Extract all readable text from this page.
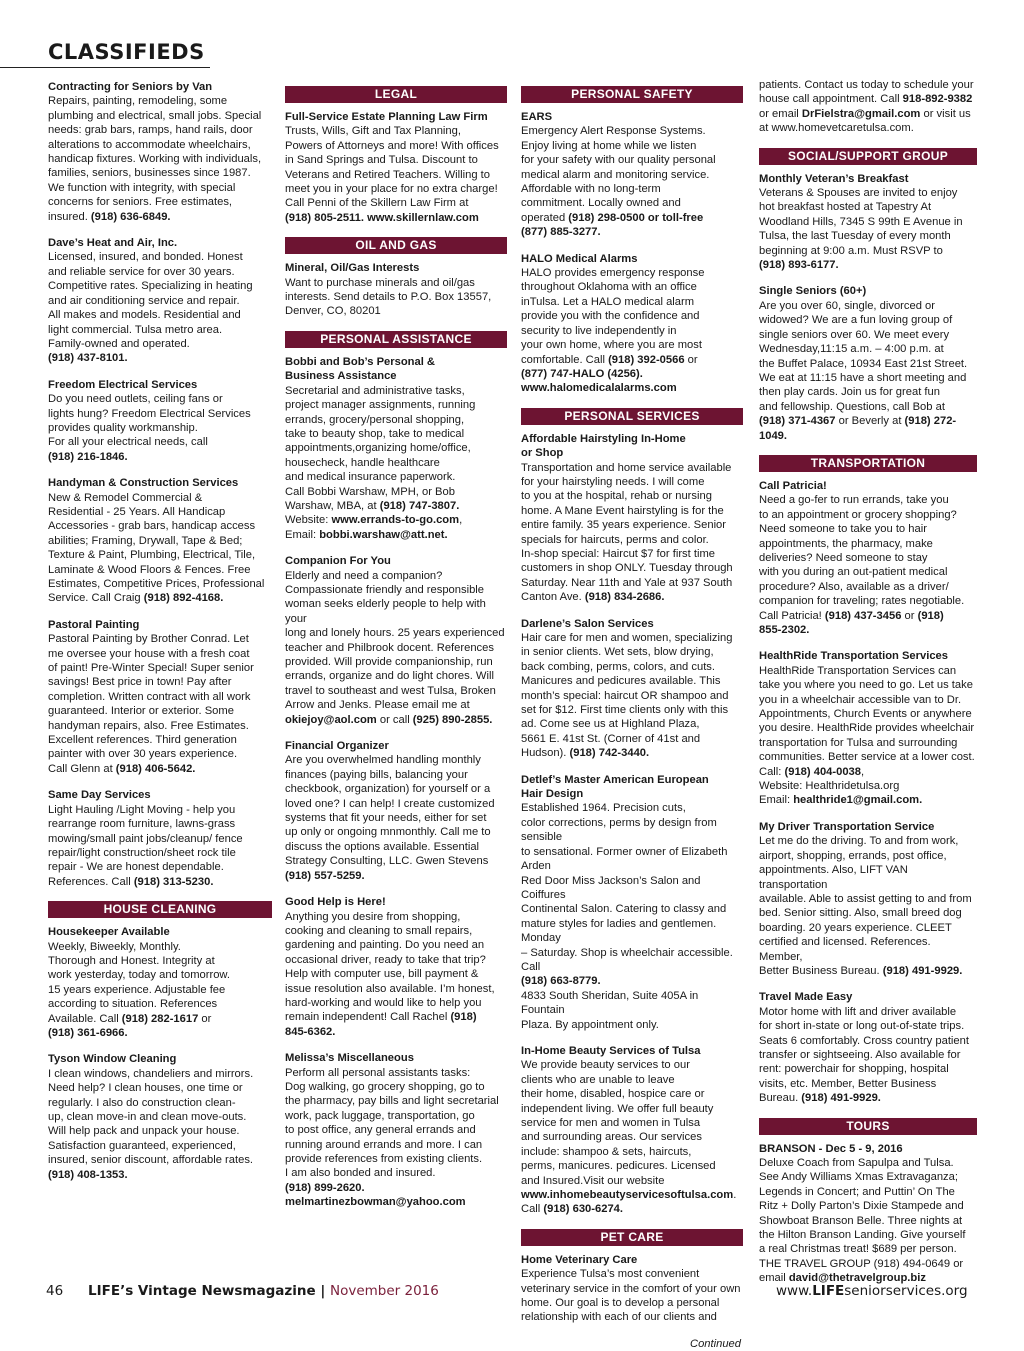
CLASSIFIEDS
Contracting for Seniors by Van
Repairs, painting, remodeling, some
plumbing and electrical, small jobs. Special
needs: grab bars, ramps, hand rails, door
alterations to accommodate wheelchairs,
handicap fixtures. Working with individuals,
families, seniors, businesses since 1987.
We function with integrity, with special
concerns for seniors. Free estimates,
insured. (918) 636-6849.
Dave’s Heat and Air, Inc.
Licensed, insured, and bonded. Honest
and reliable service for over 30 years.
Competitive rates. Specializing in heating
and air conditioning service and repair.
All makes and models. Residential and
light commercial. Tulsa metro area.
Family-owned and operated.
(918) 437-8101.
Freedom Electrical Services
Do you need outlets, ceiling fans or
lights hung? Freedom Electrical Services
provides quality workmanship.
For all your electrical needs, call
(918) 216-1846.
Handyman & Construction Services
New & Remodel Commercial &
Residential - 25 Years. All Handicap
Accessories - grab bars, handicap access
abilities; Framing, Drywall, Tape & Bed;
Texture & Paint, Plumbing, Electrical, Tile,
Laminate & Wood Floors & Fences. Free
Estimates, Competitive Prices, Professional
Service. Call Craig (918) 892-4168.
Pastoral Painting
Pastoral Painting by Brother Conrad. Let
me oversee your house with a fresh coat
of paint! Pre-Winter Special! Super senior
savings! Best price in town! Pay after
completion. Written contract with all work
guaranteed. Interior or exterior. Some
handyman repairs, also. Free Estimates.
Excellent references. Third generation
painter with over 30 years experience.
Call Glenn at (918) 406-5642.
Same Day Services
Light Hauling /Light Moving - help you
rearrange room furniture, lawns-grass
mowing/small paint jobs/cleanup/ fence
repair/light construction/sheet rock tile
repair - We are honest dependable.
References. Call (918) 313-5230.
HOUSE CLEANING
Housekeeper Available
Weekly, Biweekly, Monthly.
Thorough and Honest. Integrity at
work yesterday, today and tomorrow.
15 years experience. Adjustable fee
according to situation. References
Available. Call (918) 282-1617 or
(918) 361-6966.
Tyson Window Cleaning
I clean windows, chandeliers and mirrors.
Need help? I clean houses, one time or
regularly. I also do construction clean-
up, clean move-in and clean move-outs.
Will help pack and unpack your house.
Satisfaction guaranteed, experienced,
insured, senior discount, affordable rates.
(918) 408-1353.
LEGAL
Full-Service Estate Planning Law Firm
Trusts, Wills, Gift and Tax Planning,
Powers of Attorneys and more! With offices
in Sand Springs and Tulsa. Discount to
Veterans and Retired Teachers. Willing to
meet you in your place for no extra charge!
Call Penni of the Skillern Law Firm at
(918) 805-2511. www.skillernlaw.com
OIL AND GAS
Mineral, Oil/Gas Interests
Want to purchase minerals and oil/gas
interests. Send details to P.O. Box 13557,
Denver, CO, 80201
PERSONAL ASSISTANCE
Bobbi and Bob’s Personal &
Business Assistance
Secretarial and administrative tasks,
project manager assignments, running
errands, grocery/personal shopping,
take to beauty shop, take to medical
appointments,organizing home/office,
housecheck, handle healthcare
and medical insurance paperwork.
Call Bobbi Warshaw, MPH, or Bob
Warshaw, MBA, at (918) 747-3807.
Website: www.errands-to-go.com,
Email: bobbi.warshaw@att.net.
Companion For You
Elderly and need a companion?
Compassionate friendly and responsible
woman seeks elderly people to help with your
long and lonely hours. 25 years experienced
teacher and Philbrook docent. References
provided. Will provide companionship, run
errands, organize and do light chores. Will
travel to southeast and west Tulsa, Broken
Arrow and Jenks. Please email me at
okiejoy@aol.com or call (925) 890-2855.
Financial Organizer
Are you overwhelmed handling monthly
finances (paying bills, balancing your
checkbook, organization) for yourself or a
loved one? I can help! I create customized
systems that fit your needs, either for set
up only or ongoing mnmonthly. Call me to
discuss the options available. Essential
Strategy Consulting, LLC. Gwen Stevens
(918) 557-5259.
Good Help is Here!
Anything you desire from shopping,
cooking and cleaning to small repairs,
gardening and painting. Do you need an
occasional driver, ready to take that trip?
Help with computer use, bill payment &
issue resolution also available. I’m honest,
hard-working and would like to help you
remain independent! Call Rachel (918)
845-6362.
Melissa’s Miscellaneous
Perform all personal assistants tasks:
Dog walking, go grocery shopping, go to
the pharmacy, pay bills and light secretarial
work, pack luggage, transportation, go
to post office, any general errands and
running around errands and more. I can
provide references from existing clients.
I am also bonded and insured.
(918) 899-2620.
melmartinezbowman@yahoo.com
PERSONAL SAFETY
EARS
Emergency Alert Response Systems.
Enjoy living at home while we listen
for your safety with our quality personal
medical alarm and monitoring service.
Affordable with no long-term
commitment. Locally owned and
operated (918) 298-0500 or toll-free
(877) 885-3277.
HALO Medical Alarms
HALO provides emergency response
throughout Oklahoma with an office
inTulsa. Let a HALO medical alarm
provide you with the confidence and
security to live independently in
your own home, where you are most
comfortable. Call (918) 392-0566 or
(877) 747-HALO (4256).
www.halomedicalalarms.com
PERSONAL SERVICES
Affordable Hairstyling In-Home
or Shop
Transportation and home service available
for your hairstyling needs. I will come
to you at the hospital, rehab or nursing
home. A Mane Event hairstyling is for the
entire family. 35 years experience. Senior
specials for haircuts, perms and color.
In-shop special: Haircut $7 for first time
customers in shop ONLY. Tuesday through
Saturday. Near 11th and Yale at 937 South
Canton Ave. (918) 834-2686.
Darlene’s Salon Services
Hair care for men and women, specializing
in senior clients. Wet sets, blow drying,
back combing, perms, colors, and cuts.
Manicures and pedicures available. This
month’s special: haircut OR shampoo and
set for $12. First time clients only with this
ad. Come see us at Highland Plaza,
5661 E. 41st St. (Corner of 41st and
Hudson). (918) 742-3440.
Detlef’s Master American European
Hair Design
Established 1964. Precision cuts,
color corrections, perms by design from sensible
to sensational. Former owner of Elizabeth Arden
Red Door Miss Jackson’s Salon and Coiffures
Continental Salon. Catering to classy and
mature styles for ladies and gentlemen. Monday
– Saturday. Shop is wheelchair accessible. Call
(918) 663-8779.
4833 South Sheridan, Suite 405A in Fountain
Plaza. By appointment only.
In-Home Beauty Services of Tulsa
We provide beauty services to our
clients who are unable to leave
their home, disabled, hospice care or
independent living. We offer full beauty
service for men and women in Tulsa
and surrounding areas. Our services
include: shampoo & sets, haircuts,
perms, manicures. pedicures. Licensed
and Insured.Visit our website
www.inhomebeautyservicesoftulsa.com.
Call (918) 630-6274.
PET CARE
Home Veterinary Care
Experience Tulsa’s most convenient
veterinary service in the comfort of your own
home. Our goal is to develop a personal
relationship with each of our clients and
Continued
patients. Contact us today to schedule your
house call appointment. Call 918-892-9382
or email DrFielstra@gmail.com or visit us
at www.homevetcaretulsa.com.
SOCIAL/SUPPORT GROUP
Monthly Veteran’s Breakfast
Veterans & Spouses are invited to enjoy
hot breakfast hosted at Tapestry At
Woodland Hills, 7345 S 99th E Avenue in
Tulsa, the last Tuesday of every month
beginning at 9:00 a.m. Must RSVP to
(918) 893-6177.
Single Seniors (60+)
Are you over 60, single, divorced or
widowed? We are a fun loving group of
single seniors over 60. We meet every
Wednesday,11:15 a.m. – 4:00 p.m. at
the Buffet Palace, 10934 East 21st Street.
We eat at 11:15 have a short meeting and
then play cards. Join us for great fun
and fellowship. Questions, call Bob at
(918) 371-4367 or Beverly at (918) 272-1049.
TRANSPORTATION
Call Patricia!
Need a go-fer to run errands, take you
to an appointment or grocery shopping?
Need someone to take you to hair
appointments, the pharmacy, make
deliveries? Need someone to stay
with you during an out-patient medical
procedure? Also, available as a driver/
companion for traveling; rates negotiable.
Call Patricia! (918) 437-3456 or (918)
855-2302.
HealthRide Transportation Services
HealthRide Transportation Services can
take you where you need to go. Let us take
you in a wheelchair accessible van to Dr.
Appointments, Church Events or anywhere
you desire. HealthRide provides wheelchair
transportation for Tulsa and surrounding
communities. Better service at a lower cost.
Call: (918) 404-0038,
Website: Healthridetulsa.org
Email: healthride1@gmail.com.
My Driver Transportation Service
Let me do the driving. To and from work,
airport, shopping, errands, post office,
appointments. Also, LIFT VAN transportation
available. Able to assist getting to and from
bed. Senior sitting. Also, small breed dog
boarding. 20 years experience. CLEET
certified and licensed. References. Member,
Better Business Bureau. (918) 491-9929.
Travel Made Easy
Motor home with lift and driver available
for short in-state or long out-of-state trips.
Seats 6 comfortably. Cross country patient
transfer or sightseeing. Also available for
rent: powerchair for shopping, hospital
visits, etc. Member, Better Business
Bureau. (918) 491-9929.
TOURS
BRANSON - Dec 5 - 9, 2016
Deluxe Coach from Sapulpa and Tulsa.
See Andy Williams Xmas Extravaganza;
Legends in Concert; and Puttin’ On The
Ritz + Dolly Parton’s Dixie Stampede and
Showboat Branson Belle. Three nights at
the Hilton Branson Landing. Give yourself
a real Christmas treat! $689 per person.
THE TRAVEL GROUP (918) 494-0649 or
email david@thetravelgroup.biz
46 LIFE’s Vintage Newsmagazine | November 2016	www.LIFEseniorservices.org
